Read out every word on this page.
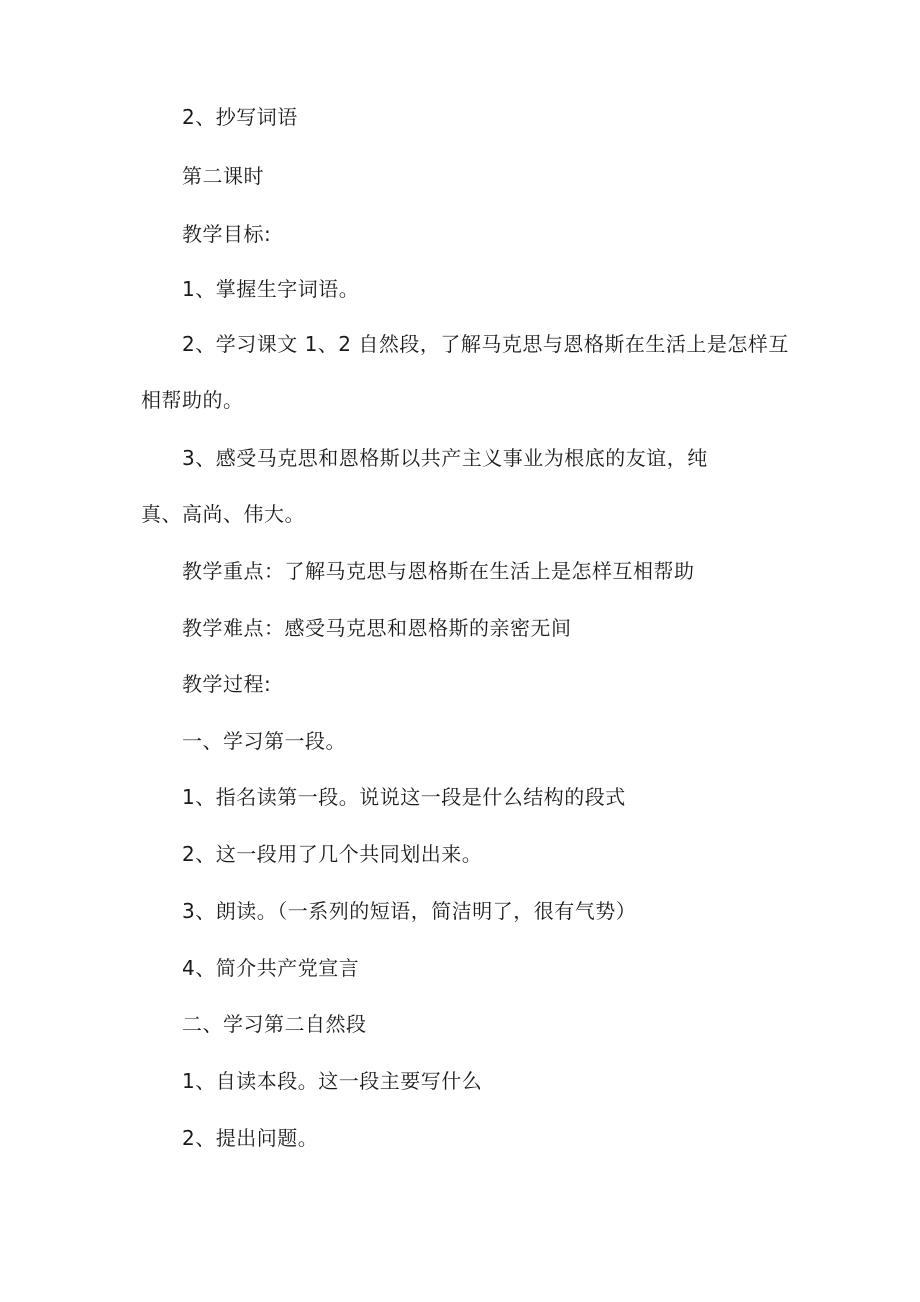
2、抄写词语
第二课时
教学目标:
1、掌握生字词语。
2、学习课文 1、2 自然段，了解马克思与恩格斯在生活上是怎样互
相帮助的。
3、感受马克思和恩格斯以共产主义事业为根底的友谊，纯
真、高尚、伟大。
教学重点：了解马克思与恩格斯在生活上是怎样互相帮助
教学难点：感受马克思和恩格斯的亲密无间
教学过程:
一、学习第一段。
1、指名读第一段。说说这一段是什么结构的段式
2、这一段用了几个共同划出来。
3、朗读。（一系列的短语，简洁明了，很有气势）
4、简介共产党宣言
二、学习第二自然段
1、自读本段。这一段主要写什么
2、提出问题。
